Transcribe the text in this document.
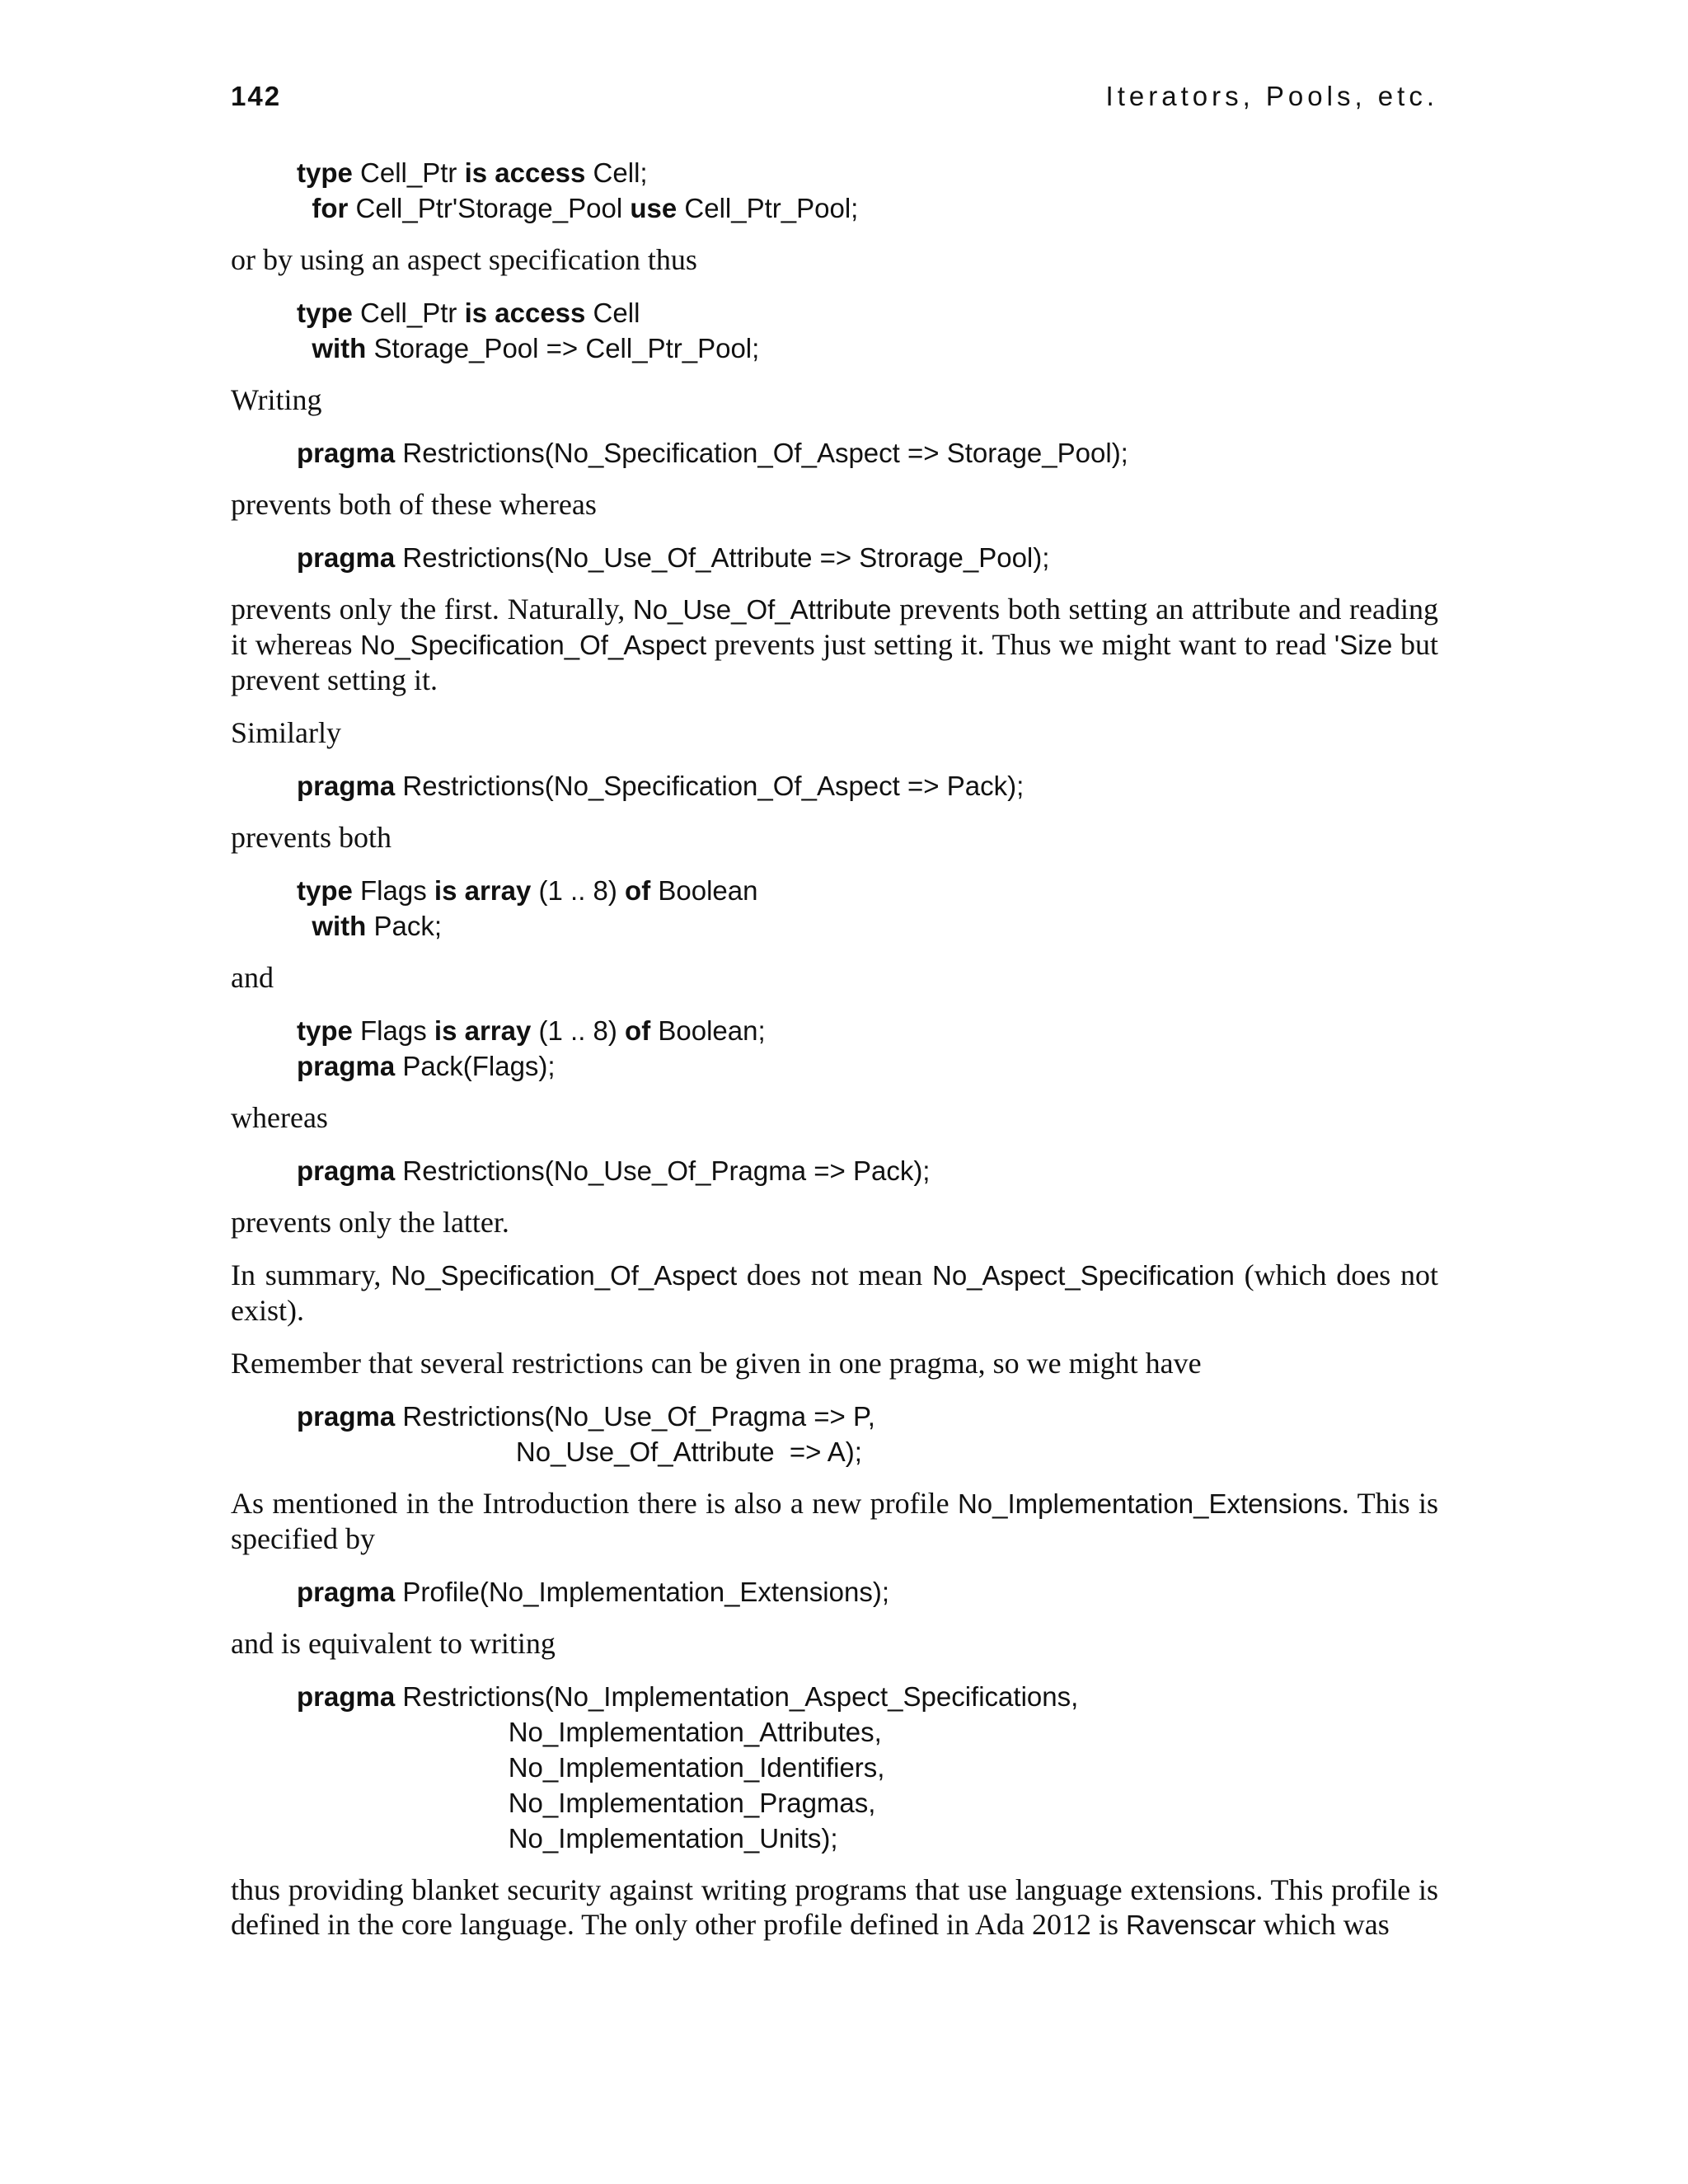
142	Iterators, Pools, etc.
type Cell_Ptr is access Cell;
for Cell_Ptr'Storage_Pool use Cell_Ptr_Pool;

or by using an aspect specification thus

type Cell_Ptr is access Cell
with Storage_Pool => Cell_Ptr_Pool;

Writing

pragma Restrictions(No_Specification_Of_Aspect => Storage_Pool);

prevents both of these whereas

pragma Restrictions(No_Use_Of_Attribute => Strorage_Pool);

prevents only the first. Naturally, No_Use_Of_Attribute prevents both setting an attribute and reading it whereas No_Specification_Of_Aspect prevents just setting it. Thus we might want to read 'Size but prevent setting it.

Similarly

pragma Restrictions(No_Specification_Of_Aspect => Pack);

prevents both

type Flags is array (1 .. 8) of Boolean
with Pack;

and

type Flags is array (1 .. 8) of Boolean;
pragma Pack(Flags);

whereas

pragma Restrictions(No_Use_Of_Pragma => Pack);

prevents only the latter.

In summary, No_Specification_Of_Aspect does not mean No_Aspect_Specification (which does not exist).

Remember that several restrictions can be given in one pragma, so we might have

pragma Restrictions(No_Use_Of_Pragma => P,
No_Use_Of_Attribute  => A);

As mentioned in the Introduction there is also a new profile No_Implementation_Extensions. This is specified by

pragma Profile(No_Implementation_Extensions);

and is equivalent to writing

pragma Restrictions(No_Implementation_Aspect_Specifications,
No_Implementation_Attributes,
No_Implementation_Identifiers,
No_Implementation_Pragmas,
No_Implementation_Units);

thus providing blanket security against writing programs that use language extensions. This profile is defined in the core language. The only other profile defined in Ada 2012 is Ravenscar which was
